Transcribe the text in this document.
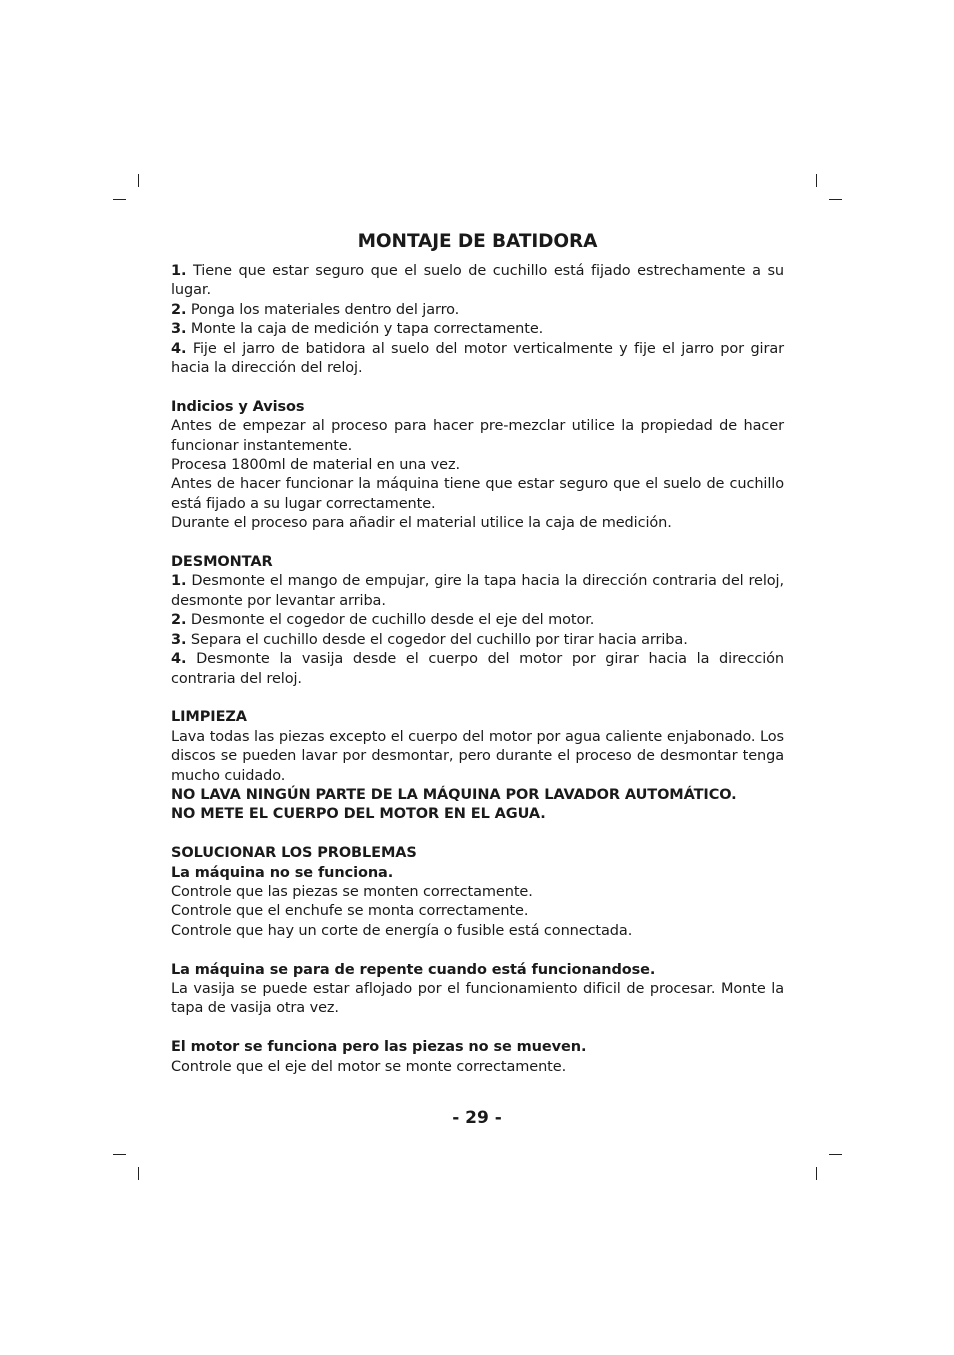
MONTAJE DE BATIDORA

1. Tiene que estar seguro que el suelo de cuchillo está fijado estrechamente a su lugar.

2. Ponga los materiales dentro del jarro.

3. Monte la caja de medición y tapa correctamente.

4. Fije el jarro de batidora al suelo del motor verticalmente y fije el jarro por girar hacia la dirección del reloj.

Indicios y Avisos

Antes de empezar al proceso para hacer pre-mezclar utilice la propiedad de hacer funcionar instantemente.

Procesa 1800ml de material en una vez.

Antes de hacer funcionar la máquina tiene que estar seguro que el suelo de cuchillo está fijado a su lugar correctamente.

Durante el proceso para añadir el material utilice la caja de medición.

DESMONTAR

1. Desmonte el mango de empujar, gire la tapa hacia la dirección contraria del reloj, desmonte por levantar arriba.

2. Desmonte el cogedor de cuchillo desde el eje del motor.

3. Separa el cuchillo desde el cogedor del cuchillo por tirar hacia arriba.

4. Desmonte la vasija desde el cuerpo del motor por girar hacia la dirección contraria del reloj.

LIMPIEZA

Lava todas las piezas excepto el cuerpo del motor por agua caliente enjabonado. Los discos se pueden lavar por desmontar, pero durante el proceso de desmontar tenga mucho cuidado.

NO LAVA NINGÚN PARTE DE LA MÁQUINA POR LAVADOR AUTOMÁTICO.

NO METE EL CUERPO DEL MOTOR EN EL AGUA.

SOLUCIONAR LOS PROBLEMAS

La máquina no se funciona.

Controle que las piezas se monten correctamente.

Controle que el enchufe se monta correctamente.

Controle que hay un corte de energía o fusible está connectada.

La máquina se para de repente cuando está funcionandose.

La vasija se puede estar aflojado por el funcionamiento dificil de procesar. Monte la tapa de vasija otra vez.

El motor se funciona pero las piezas no se mueven.

Controle que el eje del motor se monte correctamente.

- 29 -
